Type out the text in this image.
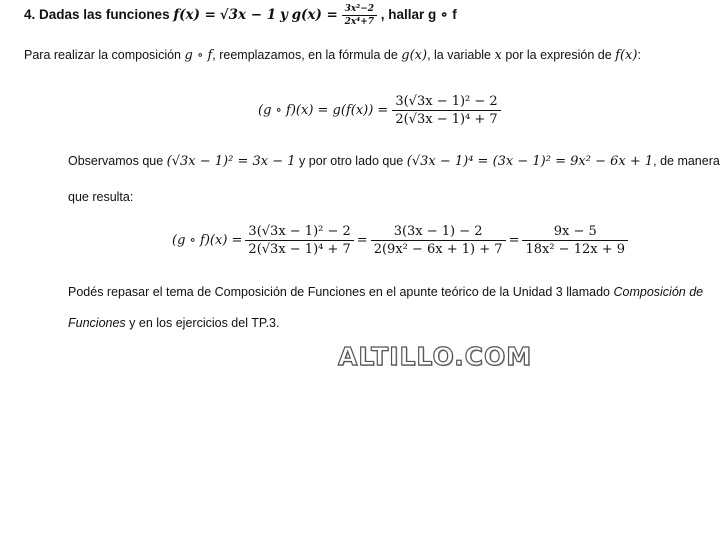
4. Dadas las funciones f(x) = √3x − 1 y $g(x) = \frac{\text{3x²−2}}{\text{2x⁴+7}}$ , hallar g ∘ f
Para realizar la composición g ∘ f, reemplazamos, en la fórmula de g(x), la variable x por la expresión de f(x):
(g ∘ $f)(x) = g(f(x)) = \frac{\text{3(√3x − 1)² − 2}}{\text{2(√3x − 1)⁴ + 7}}$
Observamos que (√3x − 1)² = 3x − 1 y por otro lado que (√3x − 1)⁴ = (3x − 1)² = 9x² − 6x + 1, de manera
que resulta:
(g ∘ $f)(x) = \frac{\text{3(√3x − 1)² − 2}}{\text{2(√3x − 1)⁴ + 7}} = \frac{3(3x - 1) - 2}{\text{2(9x² − 6x + 1) + 7}} = \frac{9x - 5}{\text{18x² − 12x + 9}}$
Podés repasar el tema de Composición de Funciones en el apunte teórico de la Unidad 3 llamado Composición de
Funciones y en los ejercicios del TP.3.
ALTILLO.COM
